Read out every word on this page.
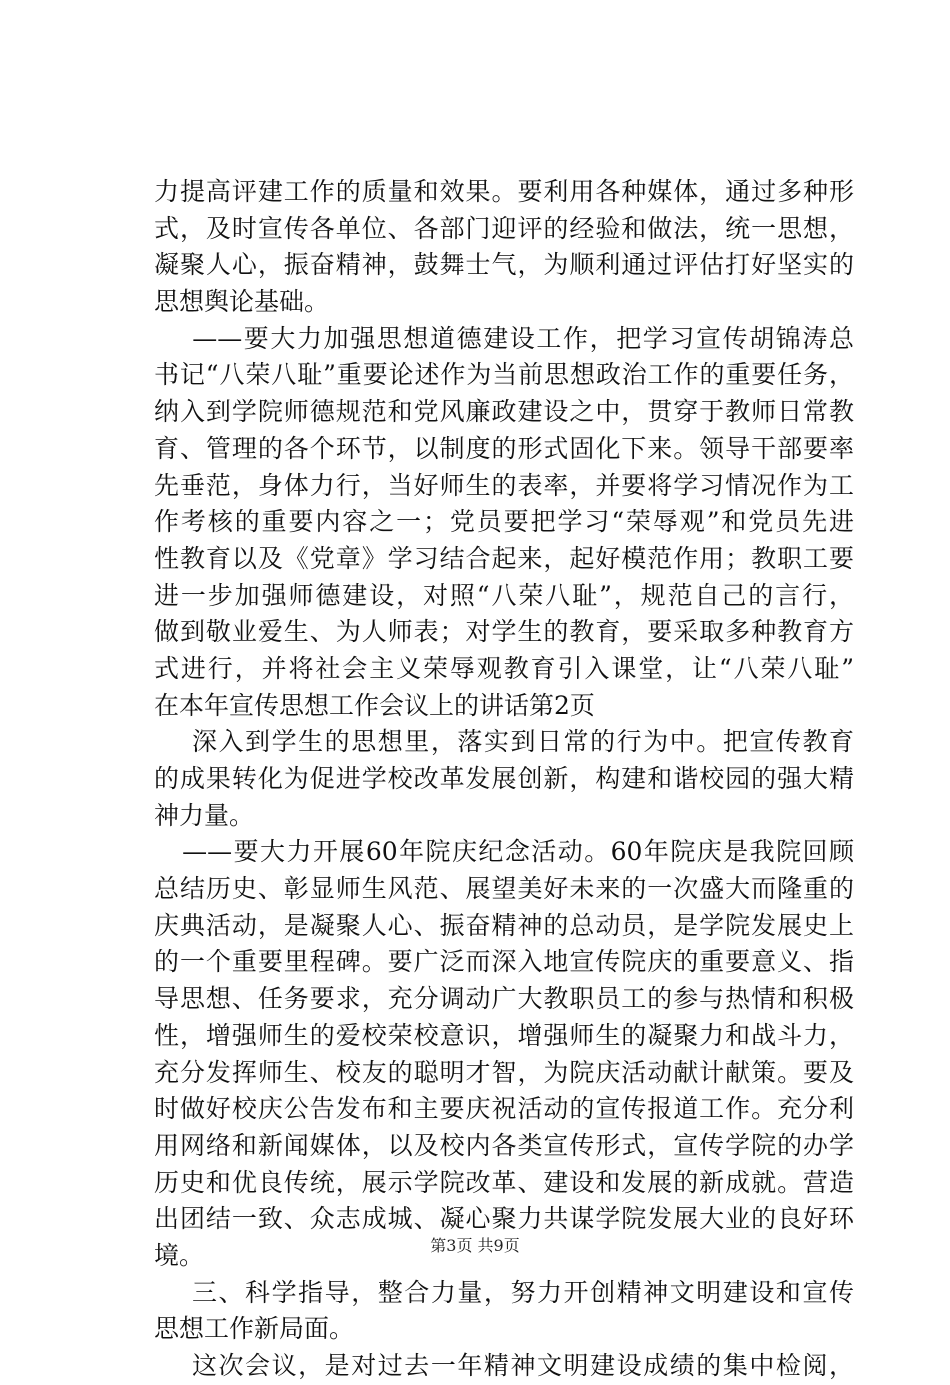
力提高评建工作的质量和效果。要利用各种媒体，通过多种形
式，及时宣传各单位、各部门迎评的经验和做法，统一思想，
凝聚人心，振奋精神，鼓舞士气，为顺利通过评估打好坚实的
思想舆论基础。
——要大力加强思想道德建设工作，把学习宣传胡锦涛总
书记“八荣八耻”重要论述作为当前思想政治工作的重要任务，
纳入到学院师德规范和党风廉政建设之中，贯穿于教师日常教
育、管理的各个环节，以制度的形式固化下来。领导干部要率
先垂范，身体力行，当好师生的表率，并要将学习情况作为工
作考核的重要内容之一；党员要把学习“荣辱观”和党员先进
性教育以及《党章》学习结合起来，起好模范作用；教职工要
进一步加强师德建设，对照“八荣八耻”，规范自己的言行，
做到敬业爱生、为人师表；对学生的教育，要采取多种教育方
式进行，并将社会主义荣辱观教育引入课堂，让“八荣八耻”
在本年宣传思想工作会议上的讲话第2页
深入到学生的思想里，落实到日常的行为中。把宣传教育
的成果转化为促进学校改革发展创新，构建和谐校园的强大精
神力量。
——要大力开展60年院庆纪念活动。60年院庆是我院回顾
总结历史、彰显师生风范、展望美好未来的一次盛大而隆重的
庆典活动，是凝聚人心、振奋精神的总动员，是学院发展史上
的一个重要里程碑。要广泛而深入地宣传院庆的重要意义、指
导思想、任务要求，充分调动广大教职员工的参与热情和积极
性，增强师生的爱校荣校意识，增强师生的凝聚力和战斗力，
充分发挥师生、校友的聪明才智，为院庆活动献计献策。要及
时做好校庆公告发布和主要庆祝活动的宣传报道工作。充分利
用网络和新闻媒体，以及校内各类宣传形式，宣传学院的办学
历史和优良传统，展示学院改革、建设和发展的新成就。营造
出团结一致、众志成城、凝心聚力共谋学院发展大业的良好环
境。
三、科学指导，整合力量，努力开创精神文明建设和宣传
思想工作新局面。
这次会议，是对过去一年精神文明建设成绩的集中检阅，
第3页 共9页
